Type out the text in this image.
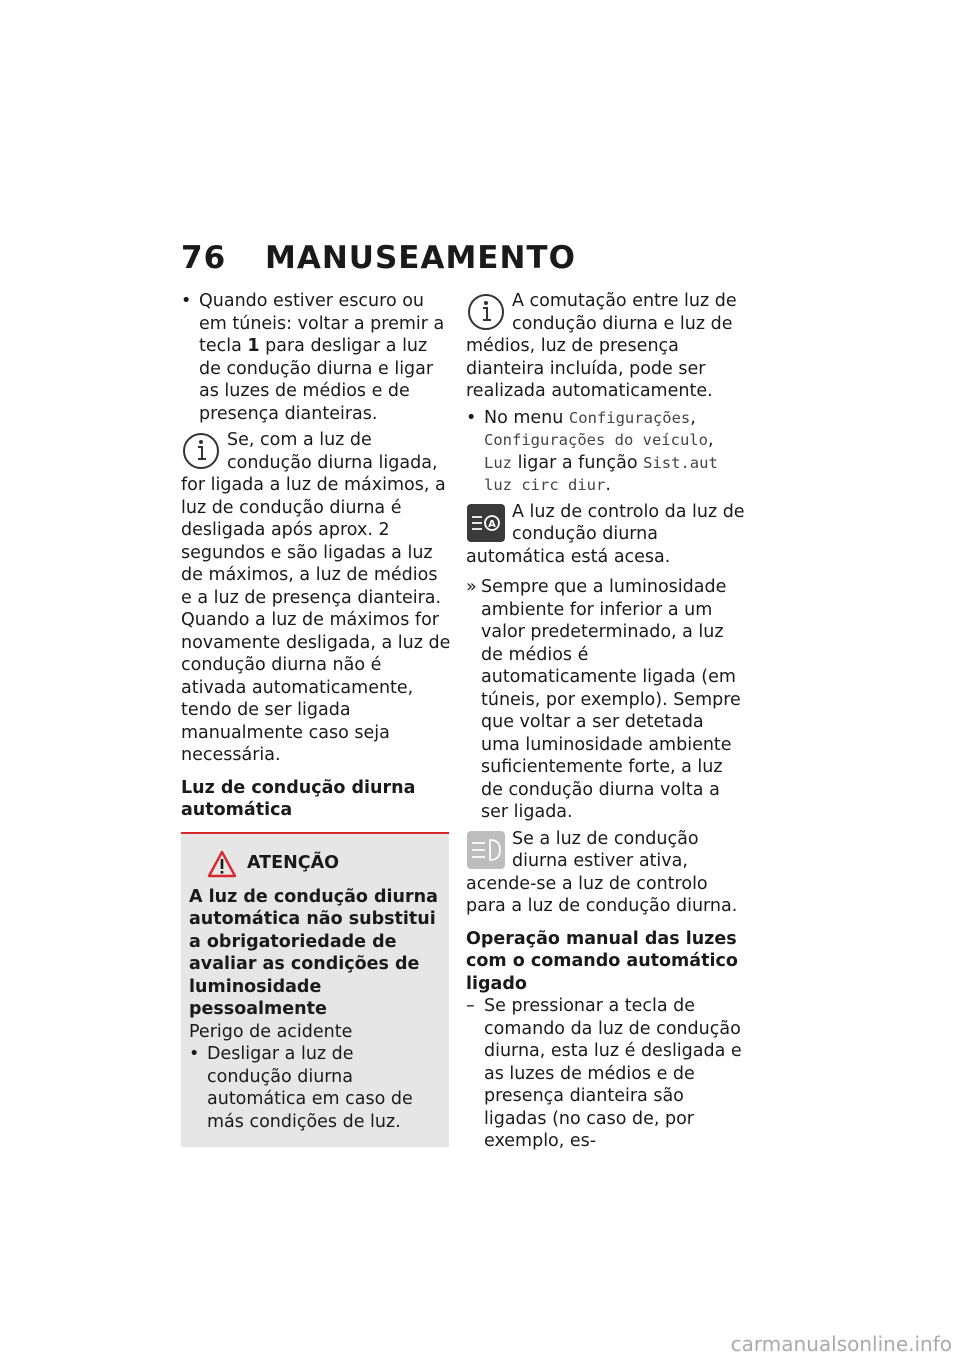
76 MANUSEAMENTO
• Quando estiver escuro ou em túneis: voltar a premir a tecla 1 para desligar a luz de condução diurna e ligar as luzes de médios e de presença dianteiras.
Se, com a luz de condução diurna ligada, for ligada a luz de máximos, a luz de condução diurna é desligada após aprox. 2 segundos e são ligadas a luz de máximos, a luz de médios e a luz de presença dianteira.

Quando a luz de máximos for novamente desligada, a luz de condução diurna não é ativada automaticamente, tendo de ser ligada manualmente caso seja necessária.

Luz de condução diurna automática

ATENÇÃO

A luz de condução diurna automática não substitui a obrigatoriedade de avaliar as condições de luminosidade pessoalmente

Perigo de acidente

• Desligar a luz de condução diurna automática em caso de más condições de luz.
A comutação entre luz de condução diurna e luz de médios, luz de presença dianteira incluída, pode ser realizada automaticamente.
• No menu Configurações, Configurações do veículo, Luz ligar a função Sist.aut luz circ diur.
A
A luz de controlo da luz de condução diurna automática está acesa.
» Sempre que a luminosidade ambiente for inferior a um valor predeterminado, a luz de médios é automaticamente ligada (em túneis, por exemplo). Sempre que voltar a ser detetada uma luminosidade ambiente suficientemente forte, a luz de condução diurna volta a ser ligada.
Se a luz de condução diurna estiver ativa, acende-se a luz de controlo para a luz de condução diurna.

Operação manual das luzes com o comando automático ligado

– Se pressionar a tecla de comando da luz de condução diurna, esta luz é desligada e as luzes de médios e de presença dianteira são ligadas (no caso de, por exemplo, es-
carmanualsonline.info
